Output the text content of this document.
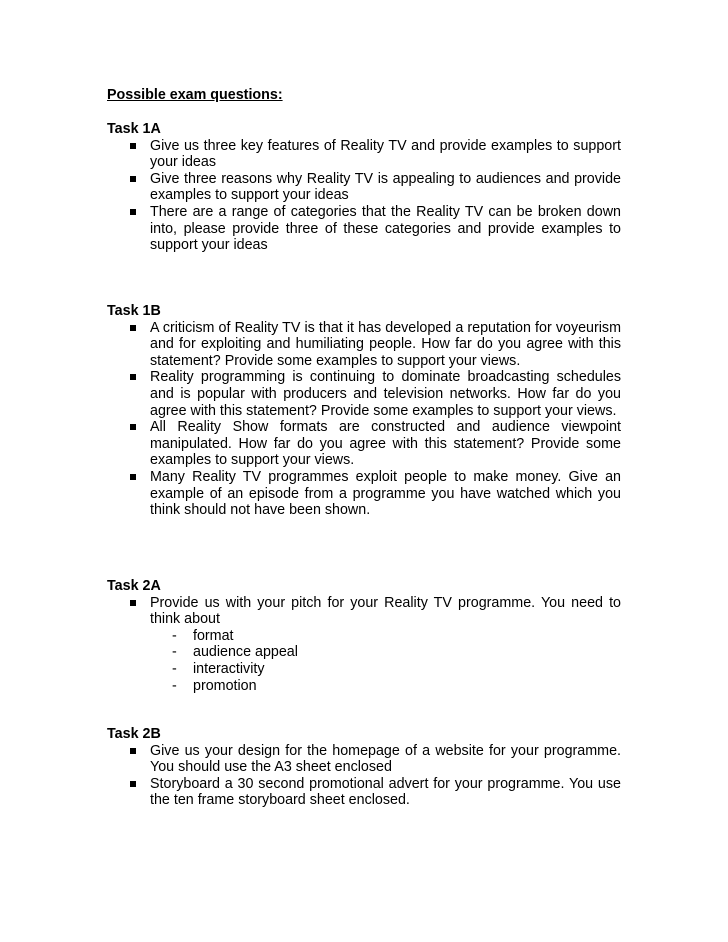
Possible exam questions:

Task 1A

Give us three key features of Reality TV and provide examples to support your ideas
Give three reasons why Reality TV is appealing to audiences and provide examples to support your ideas
There are a range of categories that the Reality TV can be broken down into, please provide three of these categories and provide examples to support your ideas

Task 1B

A criticism of Reality TV is that it has developed a reputation for voyeurism and for exploiting and humiliating people. How far do you agree with this statement? Provide some examples to support your views.
Reality programming is continuing to dominate broadcasting schedules and is popular with producers and television networks. How far do you agree with this statement? Provide some examples to support your views.
All Reality Show formats are constructed and audience viewpoint manipulated. How far do you agree with this statement? Provide some examples to support your views.
Many Reality TV programmes exploit people to make money. Give an example of an episode from a programme you have watched which you think should not have been shown.

Task 2A

Provide us with your pitch for your Reality TV programme. You need to think about
- format
- audience appeal
- interactivity
- promotion

Task 2B

Give us your design for the homepage of a website for your programme. You should use the A3 sheet enclosed
Storyboard a 30 second promotional advert for your programme. You use the ten frame storyboard sheet enclosed.
